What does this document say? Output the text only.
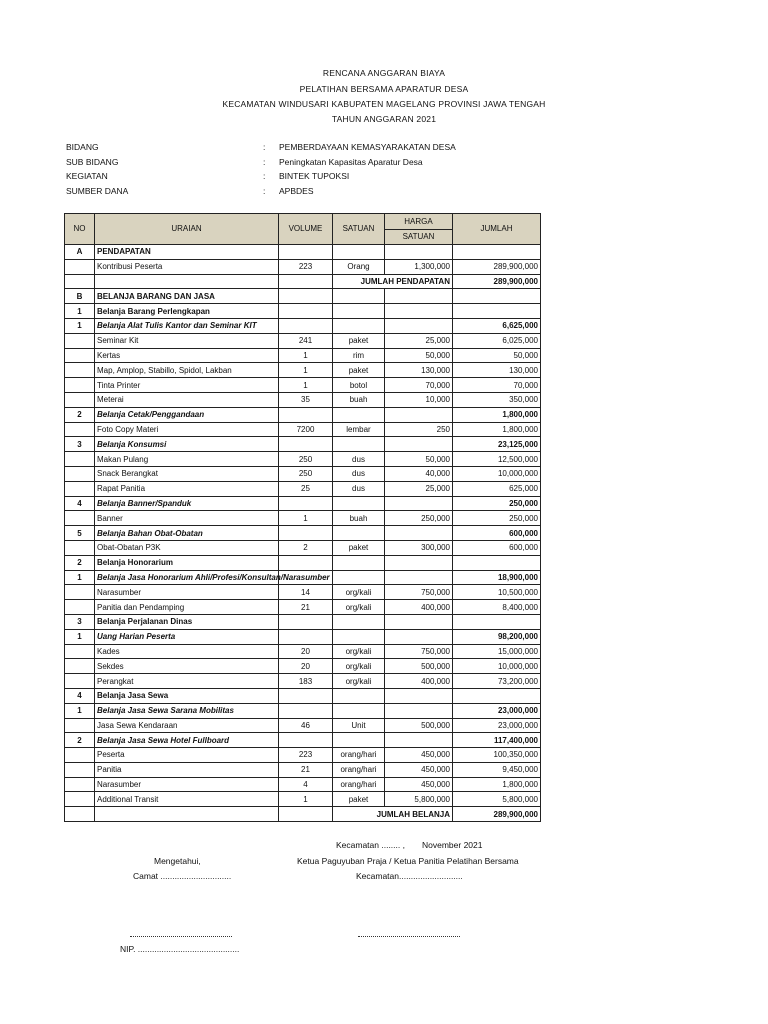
RENCANA ANGGARAN BIAYA
PELATIHAN BERSAMA APARATUR DESA
KECAMATAN WINDUSARI KABUPATEN MAGELANG PROVINSI JAWA TENGAH
TAHUN ANGGARAN 2021
BIDANG	: PEMBERDAYAAN KEMASYARAKATAN DESA
SUB BIDANG	: Peningkatan Kapasitas Aparatur Desa
KEGIATAN	: BINTEK TUPOKSI
SUMBER DANA	: APBDES
NO	URAIAN	VOLUME	SATUAN	HARGA	JUMLAH
				SATUAN	
A	PENDAPATAN				
	Kontribusi Peserta	223	Orang	1,300,000	289,900,000
			JUMLAH PENDAPATAN		289,900,000
B	BELANJA BARANG DAN JASA				
1	Belanja Barang Perlengkapan				
1	Belanja Alat Tulis Kantor dan Seminar KIT				6,625,000
	Seminar Kit	241	paket	25,000	6,025,000
	Kertas	1	rim	50,000	50,000
	Map, Amplop, Stabillo, Spidol, Lakban	1	paket	130,000	130,000
	Tinta Printer	1	botol	70,000	70,000
	Meterai	35	buah	10,000	350,000
2	Belanja Cetak/Penggandaan				1,800,000
	Foto Copy Materi	7200	lembar	250	1,800,000
3	Belanja Konsumsi				23,125,000
	Makan Pulang	250	dus	50,000	12,500,000
	Snack Berangkat	250	dus	40,000	10,000,000
	Rapat Panitia	25	dus	25,000	625,000
4	Belanja Banner/Spanduk				250,000
	Banner	1	buah	250,000	250,000
5	Belanja Bahan Obat-Obatan				600,000
	Obat-Obatan P3K	2	paket	300,000	600,000
2	Belanja Honorarium				
1	Belanja Jasa Honorarium Ahli/Profesi/Konsultan/Narasumber				18,900,000
	Narasumber	14	org/kali	750,000	10,500,000
	Panitia dan Pendamping	21	org/kali	400,000	8,400,000
3	Belanja Perjalanan Dinas				
1	Uang Harian Peserta				98,200,000
	Kades	20	org/kali	750,000	15,000,000
	Sekdes	20	org/kali	500,000	10,000,000
	Perangkat	183	org/kali	400,000	73,200,000
4	Belanja Jasa Sewa				
1	Belanja Jasa Sewa Sarana Mobilitas				23,000,000
	Jasa Sewa Kendaraan	46	Unit	500,000	23,000,000
2	Belanja Jasa Sewa Hotel Fullboard				117,400,000
	Peserta	223	orang/hari	450,000	100,350,000
	Panitia	21	orang/hari	450,000	9,450,000
	Narasumber	4	orang/hari	450,000	1,800,000
	Additional Transit	1	paket	5,800,000	5,800,000
			JUMLAH BELANJA		289,900,000
Kecamatan ........ , November 2021
Mengetahui,	Ketua Paguyuban Praja / Ketua Panitia Pelatihan Bersama
Camat ..............................	Kecamatan...........................
NIP. ...........................................
